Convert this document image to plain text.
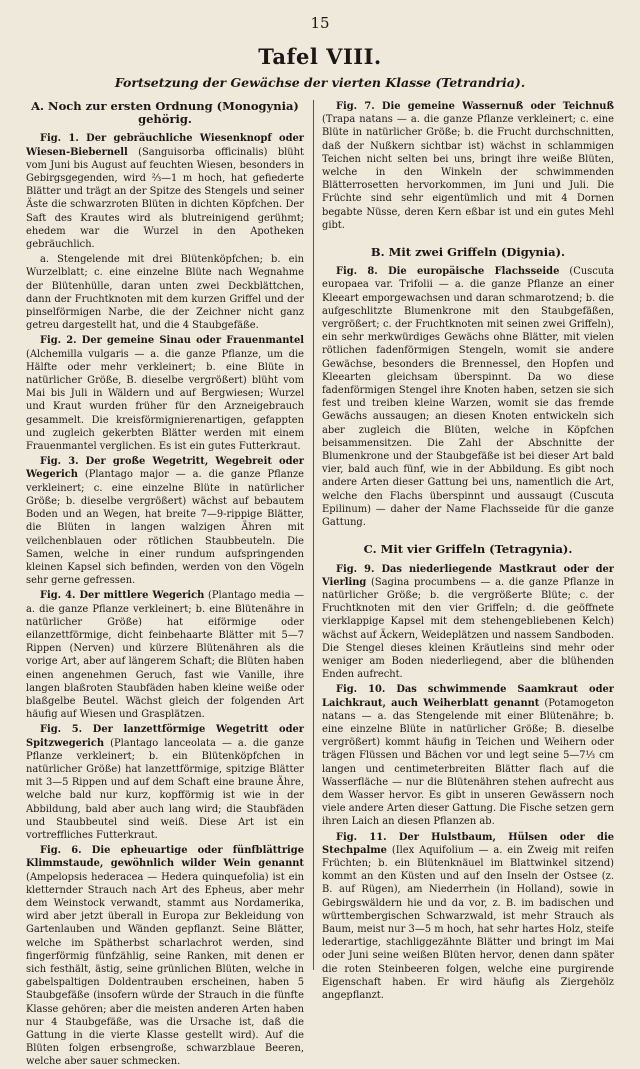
15
Tafel VIII.
Fortsetzung der Gewächse der vierten Klasse (Tetrandria).
A. Noch zur ersten Ordnung (Monogynia) gehörig.

Fig. 1. Der gebräuchliche Wiesenknopf oder Wiesen-Biebernell (Sanguisorba officinalis) blüht vom Juni bis August auf feuchten Wiesen, besonders in Gebirgsgegenden, wird ⅔—1 m hoch, hat gefiederte Blätter und trägt an der Spitze des Stengels und seiner Äste die schwarzroten Blüten in dichten Köpfchen. Der Saft des Krautes wird als blutreinigend gerühmt; ehedem war die Wurzel in den Apotheken gebräuchlich.

a. Stengelende mit drei Blütenköpfchen; b. ein Wurzelblatt; c. eine einzelne Blüte nach Wegnahme der Blütenhülle, daran unten zwei Deckblättchen, dann der Fruchtknoten mit dem kurzen Griffel und der pinselförmigen Narbe, die der Zeichner nicht ganz getreu dargestellt hat, und die 4 Staubgefäße.

Fig. 2. Der gemeine Sinau oder Frauenmantel (Alchemilla vulgaris — a. die ganze Pflanze, um die Hälfte oder mehr verkleinert; b. eine Blüte in natürlicher Größe, B. dieselbe vergrößert) blüht vom Mai bis Juli in Wäldern und auf Bergwiesen; Wurzel und Kraut wurden früher für den Arzneigebrauch gesammelt. Die kreisförmignierenartigen, gefappten und zugleich gekerbten Blätter werden mit einem Frauenmantel verglichen. Es ist ein gutes Futterkraut.

Fig. 3. Der große Wegetritt, Wegebreit oder Wegerich (Plantago major — a. die ganze Pflanze verkleinert; c. eine einzelne Blüte in natürlicher Größe; b. dieselbe vergrößert) wächst auf bebautem Boden und an Wegen, hat breite 7—9-rippige Blätter, die Blüten in langen walzigen Ähren mit veilchenblauen oder rötlichen Staubbeuteln. Die Samen, welche in einer rundum aufspringenden kleinen Kapsel sich befinden, werden von den Vögeln sehr gerne gefressen.

Fig. 4. Der mittlere Wegerich (Plantago media — a. die ganze Pflanze verkleinert; b. eine Blütenähre in natürlicher Größe) hat eiförmige oder eilanzettförmige, dicht feinbehaarte Blätter mit 5—7 Rippen (Nerven) und kürzere Blütenähren als die vorige Art, aber auf längerem Schaft; die Blüten haben einen angenehmen Geruch, fast wie Vanille, ihre langen blaßroten Staubfäden haben kleine weiße oder blaßgelbe Beutel. Wächst gleich der folgenden Art häufig auf Wiesen und Grasplätzen.

Fig. 5. Der lanzettförmige Wegetritt oder Spitzwegerich (Plantago lanceolata — a. die ganze Pflanze verkleinert; b. ein Blütenköpfchen in natürlicher Größe) hat lanzettförmige, spitzige Blätter mit 3—5 Rippen und auf dem Schaft eine braune Ähre, welche bald nur kurz, kopfförmig ist wie in der Abbildung, bald aber auch lang wird; die Staubfäden und Staubbeutel sind weiß. Diese Art ist ein vortreffliches Futterkraut.

Fig. 6. Die epheuartige oder fünfblättrige Klimmstaude, gewöhnlich wilder Wein genannt (Ampelopsis hederacea — Hedera quinquefolia) ist ein kletternder Strauch nach Art des Epheus, aber mehr dem Weinstock verwandt, stammt aus Nordamerika, wird aber jetzt überall in Europa zur Bekleidung von Gartenlauben und Wänden gepflanzt. Seine Blätter, welche im Spätherbst scharlachrot werden, sind fingerförmig fünfzählig, seine Ranken, mit denen er sich festhält, ästig, seine grünlichen Blüten, welche in gabelspaltigen Doldentrauben erscheinen, haben 5 Staubgefäße (insofern würde der Strauch in die fünfte Klasse gehören; aber die meisten anderen Arten haben nur 4 Staubgefäße, was die Ursache ist, daß die Gattung in die vierte Klasse gestellt wird). Auf die Blüten folgen erbsengroße, schwarzblaue Beeren, welche aber sauer schmecken.

Fig. 7. Die gemeine Wassernuß oder Teichnuß (Trapa natans — a. die ganze Pflanze verkleinert; c. eine Blüte in natürlicher Größe; b. die Frucht durchschnitten, daß der Nußkern sichtbar ist) wächst in schlammigen Teichen nicht selten bei uns, bringt ihre weiße Blüten, welche in den Winkeln der schwimmenden Blätterrosetten hervorkommen, im Juni und Juli. Die Früchte sind sehr eigentümlich und mit 4 Dornen begabte Nüsse, deren Kern eßbar ist und ein gutes Mehl gibt.

B. Mit zwei Griffeln (Digynia).

Fig. 8. Die europäische Flachsseide (Cuscuta europaea var. Trifolii — a. die ganze Pflanze an einer Kleeart emporgewachsen und daran schmarotzend; b. die aufgeschlitzte Blumenkrone mit den Staubgefäßen, vergrößert; c. der Fruchtknoten mit seinen zwei Griffeln), ein sehr merkwürdiges Gewächs ohne Blätter, mit vielen rötlichen fadenförmigen Stengeln, womit sie andere Gewächse, besonders die Brennessel, den Hopfen und Kleearten gleichsam überspinnt. Da wo diese fadenförmigen Stengel ihre Knoten haben, setzen sie sich fest und treiben kleine Warzen, womit sie das fremde Gewächs aussaugen; an diesen Knoten entwickeln sich aber zugleich die Blüten, welche in Köpfchen beisammensitzen. Die Zahl der Abschnitte der Blumenkrone und der Staubgefäße ist bei dieser Art bald vier, bald auch fünf, wie in der Abbildung. Es gibt noch andere Arten dieser Gattung bei uns, namentlich die Art, welche den Flachs überspinnt und aussaugt (Cuscuta Epilinum) — daher der Name Flachsseide für die ganze Gattung.

C. Mit vier Griffeln (Tetragynia).

Fig. 9. Das niederliegende Mastkraut oder der Vierling (Sagina procumbens — a. die ganze Pflanze in natürlicher Größe; b. die vergrößerte Blüte; c. der Fruchtknoten mit den vier Griffeln; d. die geöffnete vierklappige Kapsel mit dem stehengebliebenen Kelch) wächst auf Äckern, Weideplätzen und nassem Sandboden. Die Stengel dieses kleinen Kräutleins sind mehr oder weniger am Boden niederliegend, aber die blühenden Enden aufrecht.

Fig. 10. Das schwimmende Saamkraut oder Laichkraut, auch Weiherblatt genannt (Potamogeton natans — a. das Stengelende mit einer Blütenähre; b. eine einzelne Blüte in natürlicher Größe; B. dieselbe vergrößert) kommt häufig in Teichen und Weihern oder trägen Flüssen und Bächen vor und legt seine 5—7⅓ cm langen und centimeterbreiten Blätter flach auf die Wasserfläche — nur die Blütenähren stehen aufrecht aus dem Wasser hervor. Es gibt in unseren Gewässern noch viele andere Arten dieser Gattung. Die Fische setzen gern ihren Laich an diesen Pflanzen ab.

Fig. 11. Der Hulstbaum, Hülsen oder die Stechpalme (Ilex Aquifolium — a. ein Zweig mit reifen Früchten; b. ein Blütenknäuel im Blattwinkel sitzend) kommt an den Küsten und auf den Inseln der Ostsee (z. B. auf Rügen), am Niederrhein (in Holland), sowie in Gebirgswäldern hie und da vor, z. B. im badischen und württembergischen Schwarzwald, ist mehr Strauch als Baum, meist nur 3—5 m hoch, hat sehr hartes Holz, steife lederartige, stachliggezähnte Blätter und bringt im Mai oder Juni seine weißen Blüten hervor, denen dann später die roten Steinbeeren folgen, welche eine purgirende Eigenschaft haben. Er wird häufig als Ziergehölz angepflanzt.
